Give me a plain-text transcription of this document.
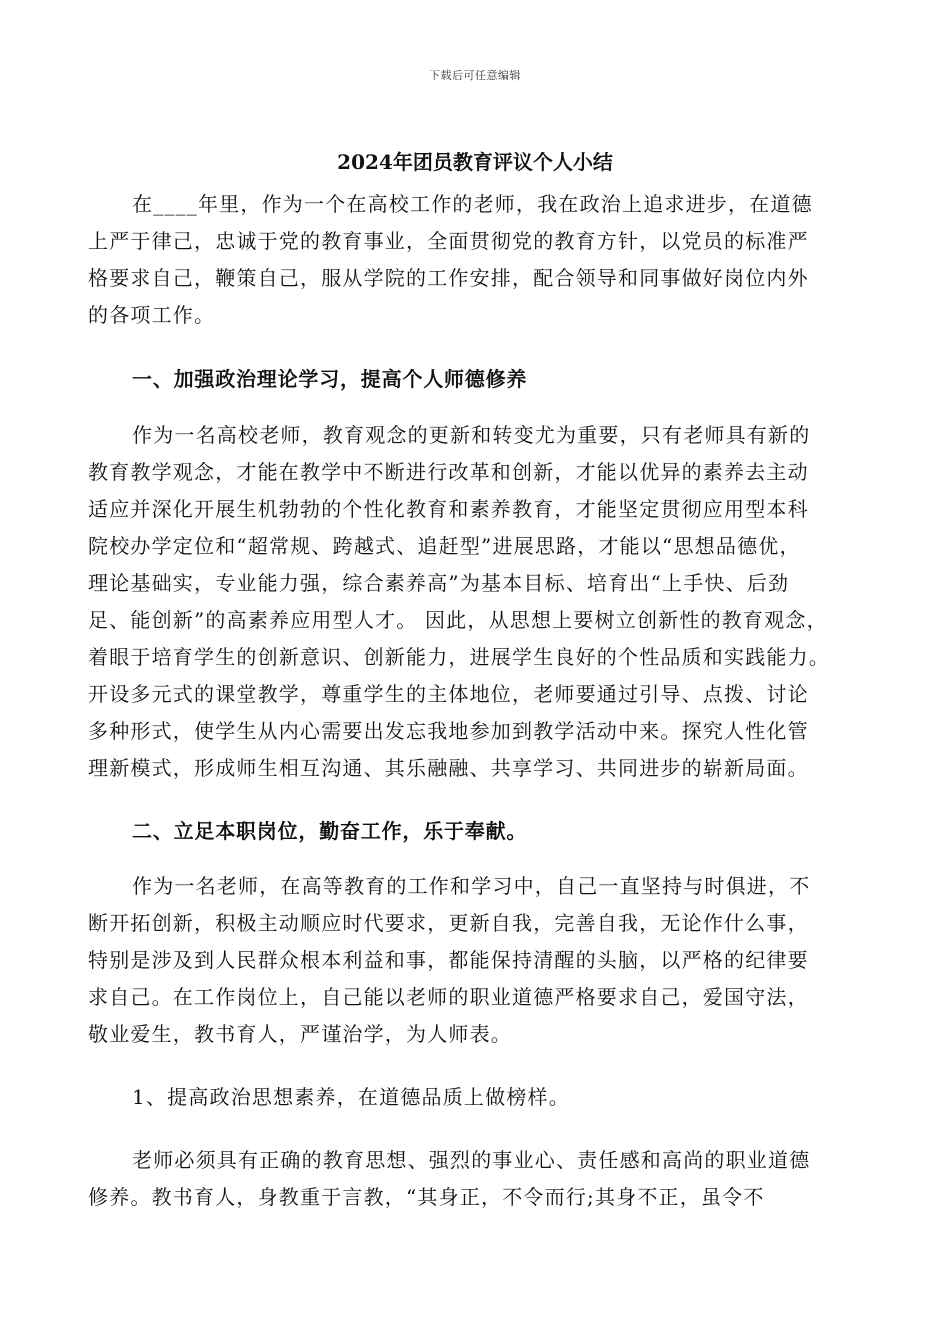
下载后可任意编辑
2024年团员教育评议个人小结
在____年里，作为一个在高校工作的老师，我在政治上追求进步，在道德
上严于律己，忠诚于党的教育事业，全面贯彻党的教育方针，以党员的标准严
格要求自己，鞭策自己，服从学院的工作安排，配合领导和同事做好岗位内外
的各项工作。
一、加强政治理论学习，提高个人师德修养
作为一名高校老师，教育观念的更新和转变尤为重要，只有老师具有新的
教育教学观念，才能在教学中不断进行改革和创新，才能以优异的素养去主动
适应并深化开展生机勃勃的个性化教育和素养教育，才能坚定贯彻应用型本科
院校办学定位和“超常规、跨越式、追赶型”进展思路，才能以“思想品德优，
理论基础实，专业能力强，综合素养高”为基本目标、培育出“上手快、后劲
足、能创新”的高素养应用型人才。 因此，从思想上要树立创新性的教育观念，
着眼于培育学生的创新意识、创新能力，进展学生良好的个性品质和实践能力。
开设多元式的课堂教学，尊重学生的主体地位，老师要通过引导、点拨、讨论
多种形式，使学生从内心需要出发忘我地参加到教学活动中来。探究人性化管
理新模式，形成师生相互沟通、其乐融融、共享学习、共同进步的崭新局面。
二、立足本职岗位，勤奋工作，乐于奉献。
作为一名老师，在高等教育的工作和学习中，自己一直坚持与时俱进，不
断开拓创新，积极主动顺应时代要求，更新自我，完善自我，无论作什么事，
特别是涉及到人民群众根本利益和事，都能保持清醒的头脑，以严格的纪律要
求自己。在工作岗位上，自己能以老师的职业道德严格要求自己，爱国守法，
敬业爱生，教书育人，严谨治学，为人师表。
1、提高政治思想素养，在道德品质上做榜样。
老师必须具有正确的教育思想、强烈的事业心、责任感和高尚的职业道德
修养。教书育人，身教重于言教，“其身正，不令而行;其身不正，虽令不
